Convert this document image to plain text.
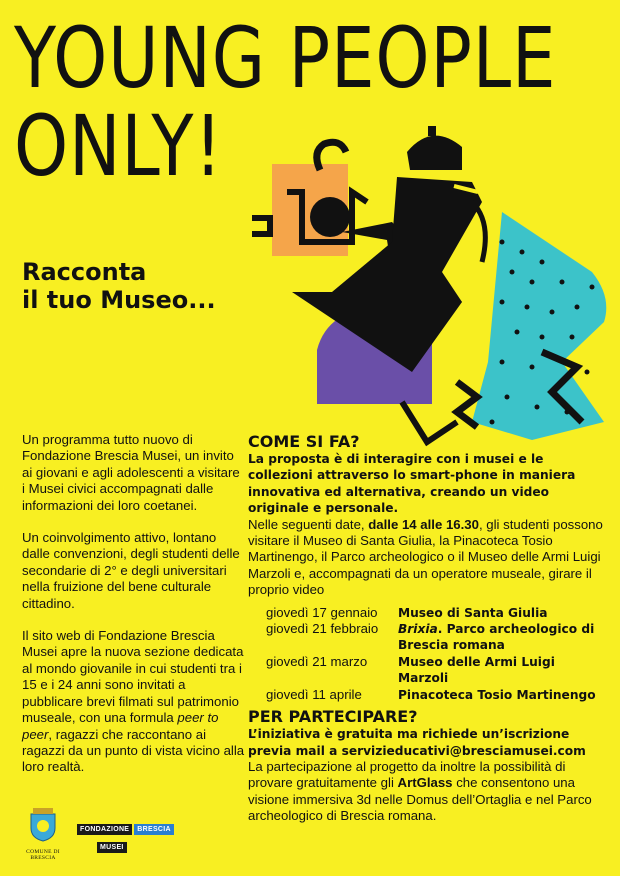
YOUNG PEOPLE
ONLY!
Racconta
il tuo Museo...

Un programma tutto nuovo di Fondazione Brescia Musei, un invito ai giovani e agli adolescenti a visitare i Musei civici accompagnati dalle informazioni dei loro coetanei.

Un coinvolgimento attivo, lontano dalle convenzioni, degli studenti delle secondarie di 2° e degli universitari nella fruizione del bene culturale cittadino.

Il sito web di Fondazione Brescia Musei apre la nuova sezione dedicata al mondo giovanile in cui studenti tra i 15 e i 24 anni sono invitati a pubblicare brevi filmati sul patrimonio museale, con una formula peer to peer, ragazzi che raccontano ai ragazzi da un punto di vista vicino alla loro realtà.

COME SI FA?
La proposta è di interagire con i musei e le collezioni attraverso lo smart-phone in maniera innovativa ed alternativa, creando un video originale e personale.
Nelle seguenti date, dalle 14 alle 16.30, gli studenti possono visitare il Museo di Santa Giulia, la Pinacoteca Tosio Martinengo, il Parco archeologico o il Museo delle Armi Luigi Marzoli e, accompagnati da un operatore museale, girare il proprio video
giovedì 17 gennaio	Museo di Santa Giulia
giovedì 21 febbraio	Brixia. Parco archeologico di Brescia romana
giovedì 21 marzo	Museo delle Armi Luigi Marzoli
giovedì 11 aprile	Pinacoteca Tosio Martinengo
PER PARTECIPARE?
L’iniziativa è gratuita ma richiede un’iscrizione previa mail a servizieducativi@bresciamusei.com
La partecipazione al progetto da inoltre la possibilità di provare gratuitamente gli ArtGlass che consentono una visione immersiva 3d nelle Domus dell’Ortaglia e nel Parco archeologico di Brescia romana.
COMUNE DI BRESCIA
FONDAZIONE BRESCIA
MUSEI
